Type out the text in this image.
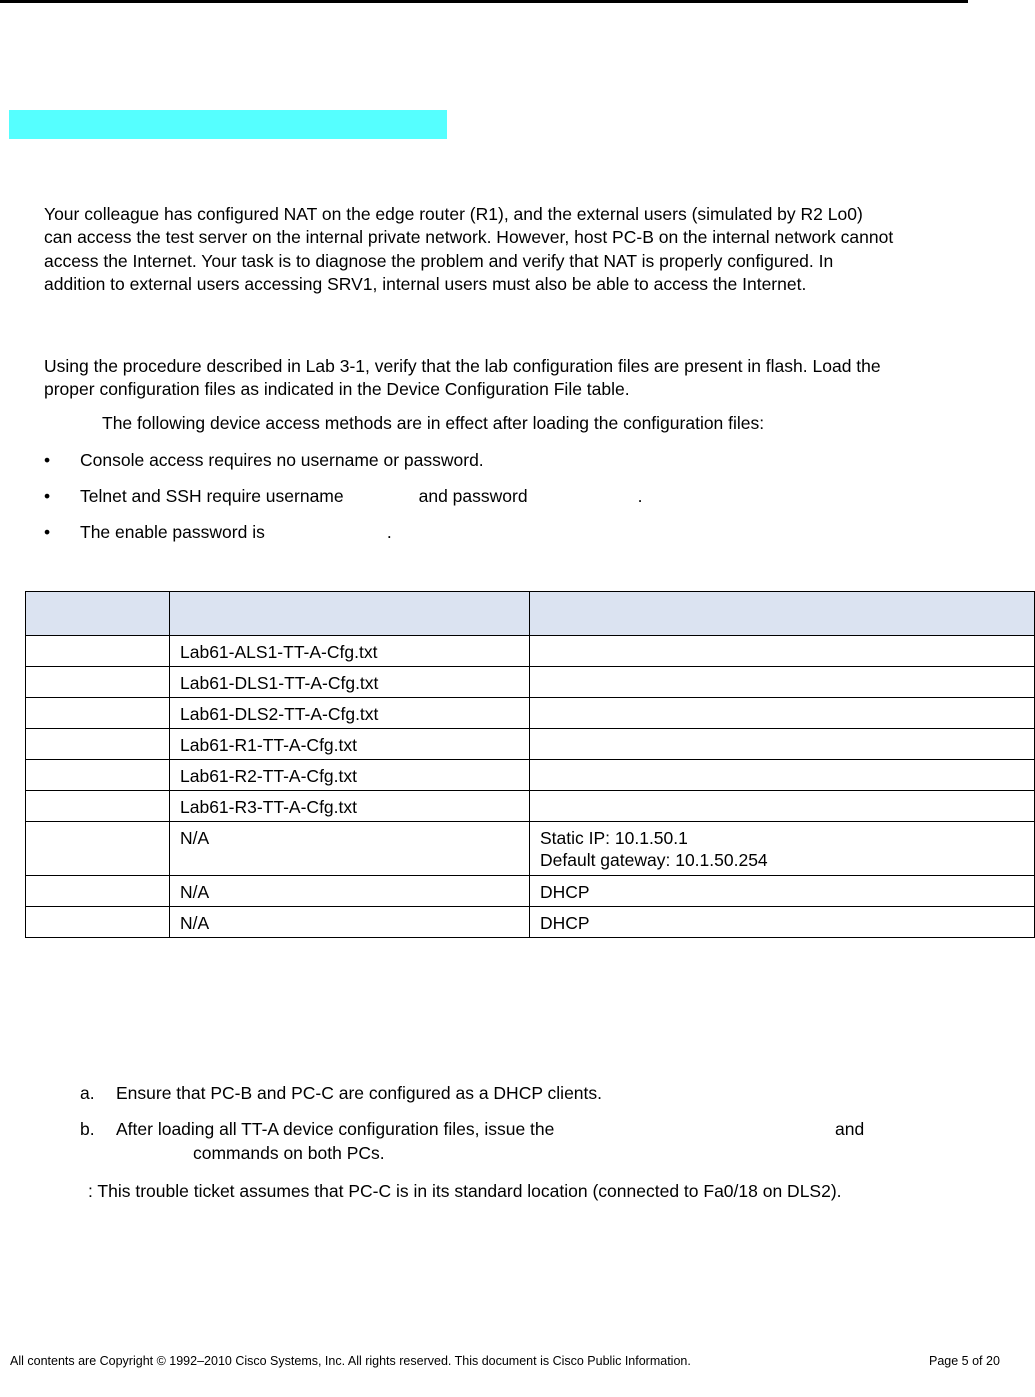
Your colleague has configured NAT on the edge router (R1), and the external users (simulated by R2 Lo0)
can access the test server on the internal private network. However, host PC-B on the internal network cannot
access the Internet. Your task is to diagnose the problem and verify that NAT is properly configured. In
addition to external users accessing SRV1, internal users must also be able to access the Internet.
Using the procedure described in Lab 3-1, verify that the lab configuration files are present in flash. Load the
proper configuration files as indicated in the Device Configuration File table.
The following device access methods are in effect after loading the configuration files:
• Console access requires no username or password.
• Telnet and SSH require username	and password	.
• The enable password is	.

	Lab61-ALS1-TT-A-Cfg.txt	
	Lab61-DLS1-TT-A-Cfg.txt	
	Lab61-DLS2-TT-A-Cfg.txt	
	Lab61-R1-TT-A-Cfg.txt	
	Lab61-R2-TT-A-Cfg.txt	
	Lab61-R3-TT-A-Cfg.txt	
	N/A	Static IP: 10.1.50.1
Default gateway: 10.1.50.254

	N/A	DHCP
	N/A	DHCP
a. Ensure that PC-B and PC-C are configured as a DHCP clients.
b. After loading all TT-A device configuration files, issue the	and
commands on both PCs.
: This trouble ticket assumes that PC-C is in its standard location (connected to Fa0/18 on DLS2).
All contents are Copyright © 1992–2010 Cisco Systems, Inc. All rights reserved. This document is Cisco Public Information.	Page 5 of 20
